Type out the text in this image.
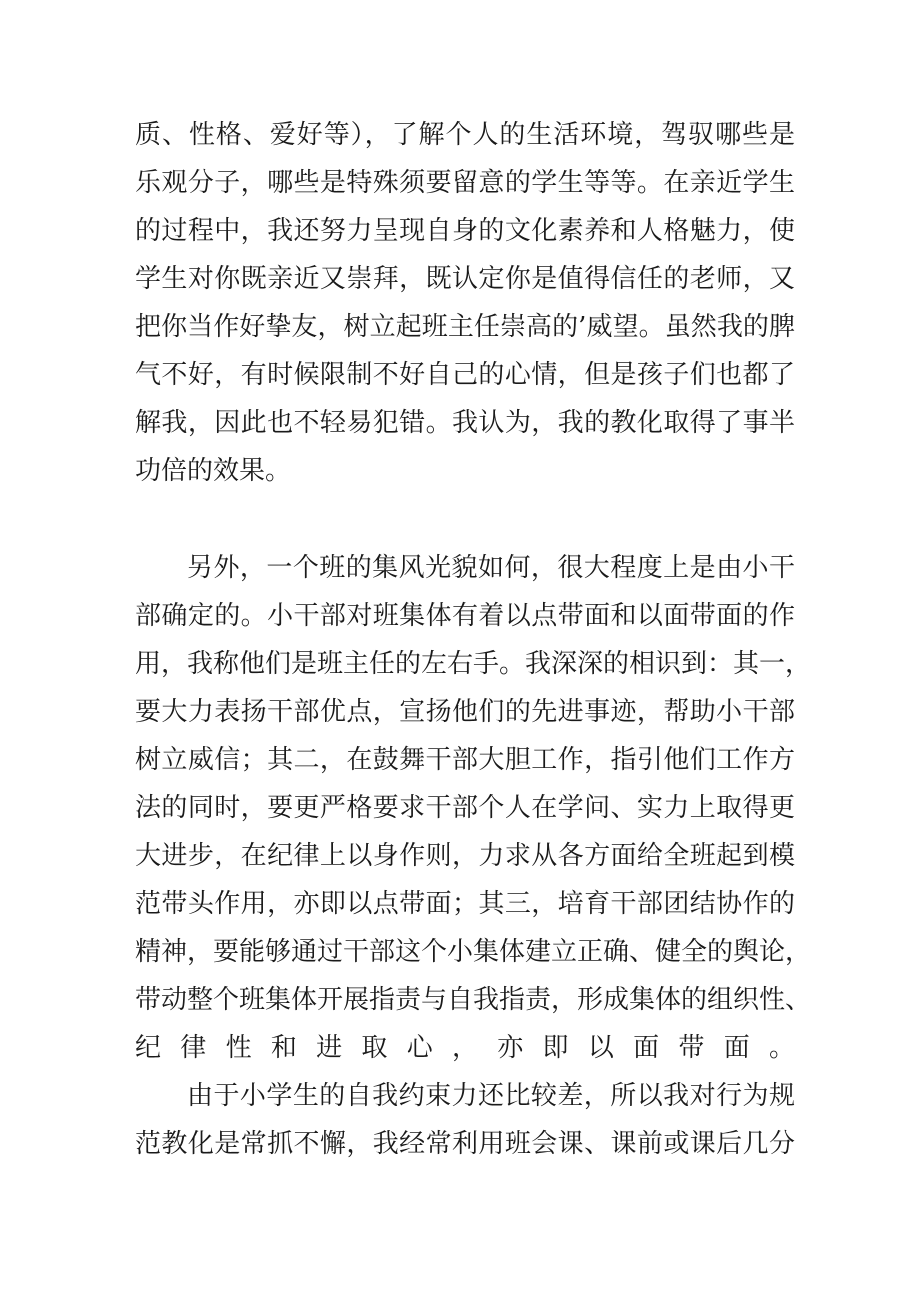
质、性格、爱好等），了解个人的生活环境，驾驭哪些是
乐观分子，哪些是特殊须要留意的学生等等。在亲近学生
的过程中，我还努力呈现自身的文化素养和人格魅力，使
学生对你既亲近又崇拜，既认定你是值得信任的老师，又
把你当作好挚友，树立起班主任崇高的’威望。虽然我的脾
气不好，有时候限制不好自己的心情，但是孩子们也都了
解我，因此也不轻易犯错。我认为，我的教化取得了事半
功倍的效果。
另外，一个班的集风光貌如何，很大程度上是由小干
部确定的。小干部对班集体有着以点带面和以面带面的作
用，我称他们是班主任的左右手。我深深的相识到：其一，
要大力表扬干部优点，宣扬他们的先进事迹，帮助小干部
树立威信；其二，在鼓舞干部大胆工作，指引他们工作方
法的同时，要更严格要求干部个人在学问、实力上取得更
大进步，在纪律上以身作则，力求从各方面给全班起到模
范带头作用，亦即以点带面；其三，培育干部团结协作的
精神，要能够通过干部这个小集体建立正确、健全的舆论，
带动整个班集体开展指责与自我指责，形成集体的组织性、
纪律性和进取心，亦即以面带面。
由于小学生的自我约束力还比较差，所以我对行为规
范教化是常抓不懈，我经常利用班会课、课前或课后几分
